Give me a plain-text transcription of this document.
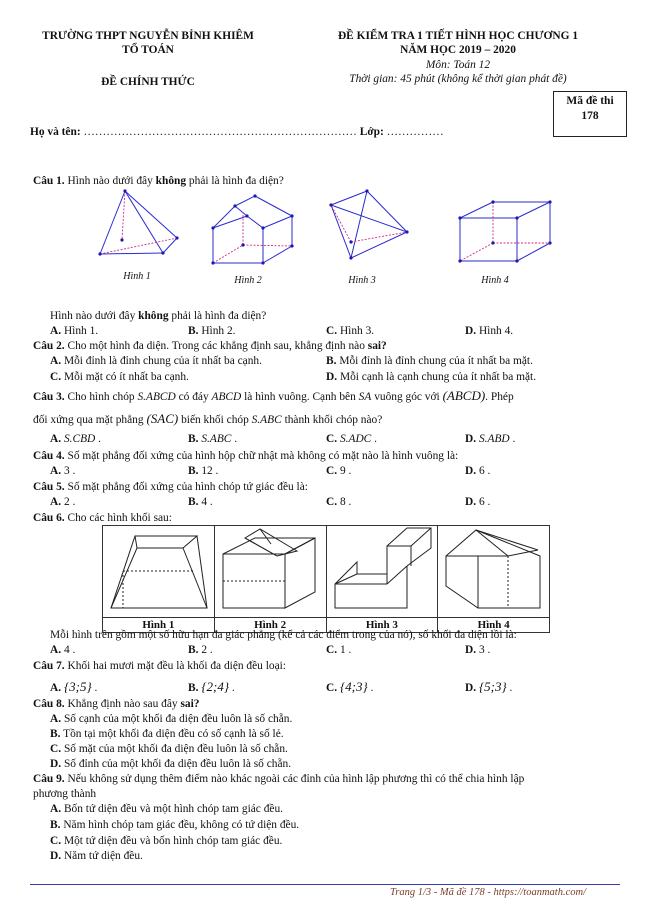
TRƯỜNG THPT NGUYỄN BỈNH KHIÊM
TỔ TOÁN
ĐỀ CHÍNH THỨC
ĐỀ KIỂM TRA 1 TIẾT HÌNH HỌC CHƯƠNG 1
NĂM HỌC 2019 – 2020
Môn: Toán 12
Thời gian: 45 phút (không kể thời gian phát đề)
Mã đề thi
178
Họ và tên: ……………………………………………………………… Lớp: ……………
Câu 1. Hình nào dưới đây không phải là hình đa diện?
Hình 1	Hình 2	Hình 3	Hình 4
Hình nào dưới đây không phải là hình đa diện?
A. Hình 1.	B. Hình 2.	C. Hình 3.	D. Hình 4.
Câu 2. Cho một hình đa diện. Trong các khẳng định sau, khẳng định nào sai?
A. Mỗi đỉnh là đỉnh chung của ít nhất ba cạnh.	B. Mỗi đỉnh là đỉnh chung của ít nhất ba mặt.
C. Mỗi mặt có ít nhất ba cạnh.	D. Mỗi cạnh là cạnh chung của ít nhất ba mặt.
Câu 3. Cho hình chóp S.ABCD có đáy ABCD là hình vuông. Cạnh bên SA vuông góc với (ABCD). Phép
đối xứng qua mặt phẳng (SAC) biến khối chóp S.ABC thành khối chóp nào?
A. S.CBD .	B. S.ABC .	C. S.ADC .	D. S.ABD .
Câu 4. Số mặt phẳng đối xứng của hình hộp chữ nhật mà không có mặt nào là hình vuông là:
A. 3 .	B. 12 .	C. 9 .	D. 6 .
Câu 5. Số mặt phẳng đối xứng của hình chóp tứ giác đều là:
A. 2 .	B. 4 .	C. 8 .	D. 6 .
Câu 6. Cho các hình khối sau:

Hình 1	Hình 2	Hình 3	Hình 4
Mỗi hình trên gồm một số hữu hạn đa giác phẳng (kể cả các điểm trong của nó), số khối đa diện lồi là:
A. 4 .	B. 2 .	C. 1 .	D. 3 .
Câu 7. Khối hai mươi mặt đều là khối đa diện đều loại:
A. {3;5} .	B. {2;4} .	C. {4;3} .	D. {5;3} .
Câu 8. Khẳng định nào sau đây sai?
A. Số cạnh của một khối đa diện đều luôn là số chẵn.
B. Tồn tại một khối đa diện đều có số cạnh là số lẻ.
C. Số mặt của một khối đa diện đều luôn là số chẵn.
D. Số đỉnh của một khối đa diện đều luôn là số chẵn.
Câu 9. Nếu không sử dụng thêm điểm nào khác ngoài các đỉnh của hình lập phương thì có thể chia hình lập
phương thành
A. Bốn tứ diện đều và một hình chóp tam giác đều.
B. Năm hình chóp tam giác đều, không có tứ diện đều.
C. Một tứ diện đều và bốn hình chóp tam giác đều.
D. Năm tứ diện đều.
Trang 1/3 - Mã đề 178 - https://toanmath.com/
